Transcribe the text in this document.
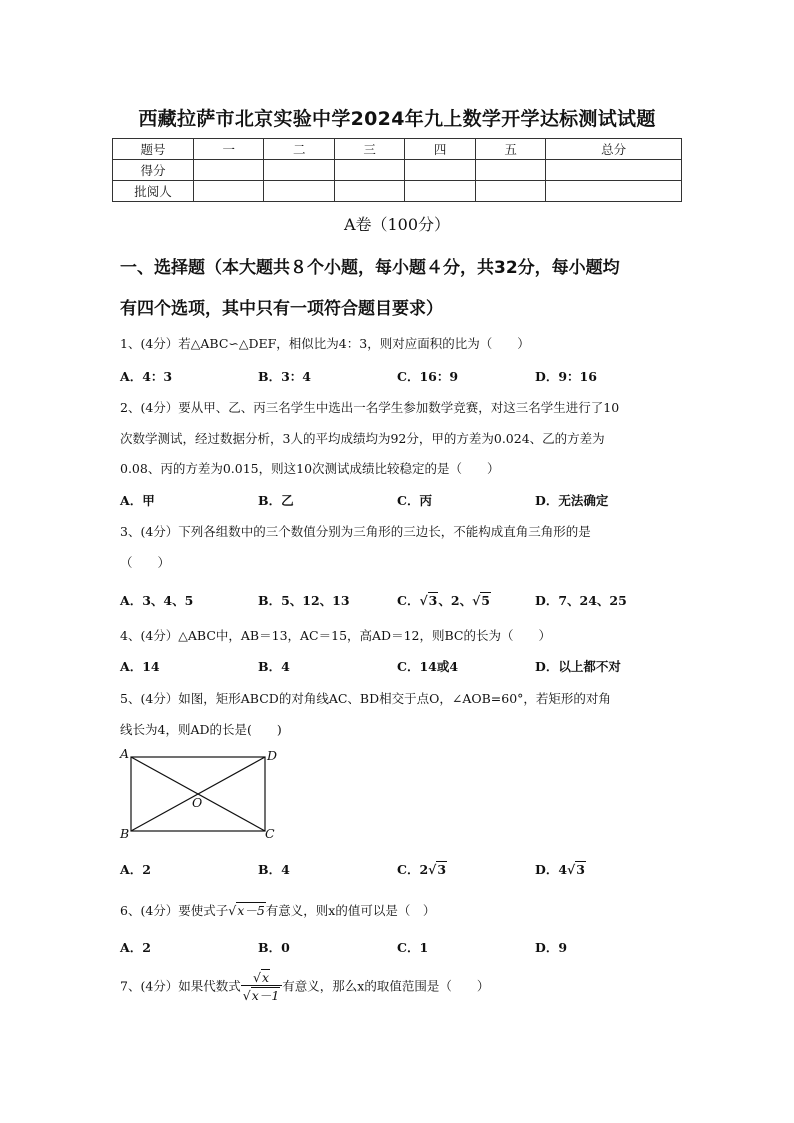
西藏拉萨市北京实验中学2024年九上数学开学达标测试试题
题号	一	二	三	四	五	总分
得分						
批阅人						
A卷（100分）
一、选择题（本大题共８个小题，每小题４分，共32分，每小题均
有四个选项，其中只有一项符合题目要求）
1、(4分）若△ABC∽△DEF，相似比为4：3，则对应面积的比为（　　）
A．4：3	B．3：4	C．16：9	D．9：16
2、(4分）要从甲、乙、丙三名学生中选出一名学生参加数学竞赛，对这三名学生进行了10
次数学测试，经过数据分析，3人的平均成绩均为92分，甲的方差为0.024、乙的方差为
0.08、丙的方差为0.015，则这10次测试成绩比较稳定的是（　　）
A．甲	B．乙	C．丙	D．无法确定
3、(4分）下列各组数中的三个数值分别为三角形的三边长，不能构成直角三角形的是
（　　）
A．3、4、5	B．5、12、13	C．√3、2、√5	D．7、24、25
4、(4分）△ABC中，AB＝13，AC＝15，高AD＝12，则BC的长为（　　）
A．14	B．4	C．14或4	D．以上都不对
5、(4分）如图，矩形ABCD的对角线AC、BD相交于点O，∠AOB=60°，若矩形的对角
线长为4，则AD的长是(　　)
A	D
O
B	C
A．2	B．4	C．2√3	D．4√3
6、(4分）要使式子√x－5有意义，则x的值可以是（　）
A．2	B．0	C．1	D．9
7、(4分）如果代数式 $\frac{√x}{√x-1}$ 有意义，那么x的取值范围是（　　）
